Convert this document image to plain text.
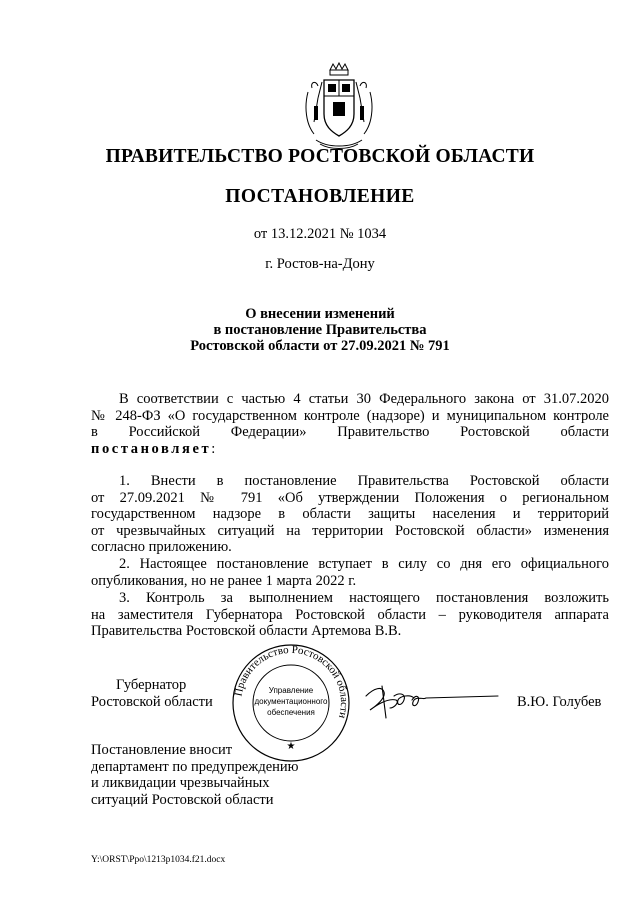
ПРАВИТЕЛЬСТВО РОСТОВСКОЙ ОБЛАСТИ
ПОСТАНОВЛЕНИЕ
от 13.12.2021 № 1034
г. Ростов-на-Дону
О внесении изменений
в постановление Правительства
Ростовской области от 27.09.2021 № 791
В соответствии с частью 4 статьи 30 Федерального закона от 31.07.2020
№ 248-ФЗ «О государственном контроле (надзоре) и муниципальном контроле
в Российской Федерации» Правительство Ростовской области
постановляет:
1. Внести в постановление Правительства Ростовской области
от 27.09.2021 № 791 «Об утверждении Положения о региональном
государственном надзоре в области защиты населения и территорий
от чрезвычайных ситуаций на территории Ростовской области» изменения
согласно приложению.
2. Настоящее постановление вступает в силу со дня его официального
опубликования, но не ранее 1 марта 2022 г.
3. Контроль за выполнением настоящего постановления возложить
на заместителя Губернатора Ростовской области – руководителя аппарата
Правительства Ростовской области Артемова В.В.
Губернатор
Ростовской области
Правительство Ростовской области
Управление
документационного
обеспечения
★
В.Ю. Голубев
Постановление вносит
департамент по предупреждению
и ликвидации чрезвычайных
ситуаций Ростовской области
Y:\ORST\Ppo\1213p1034.f21.docx
